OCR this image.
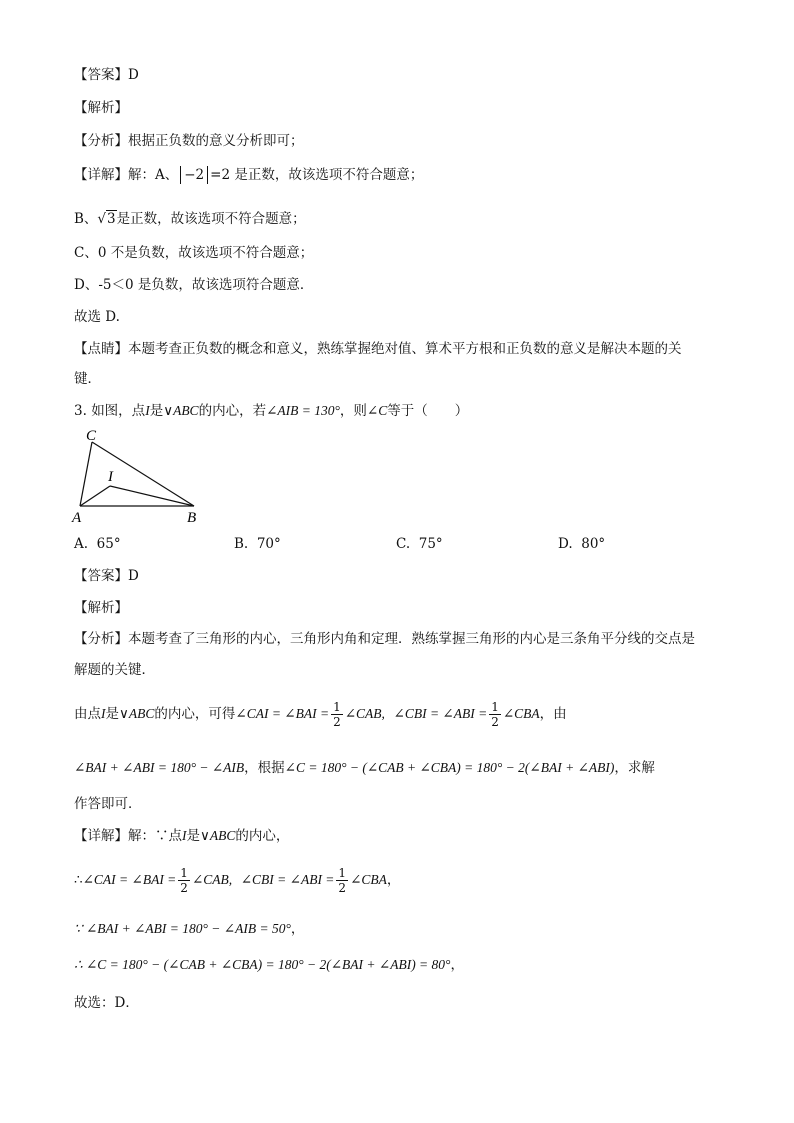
【答案】D
【解析】
【分析】根据正负数的意义分析即可；
【详解】解：A、 −2 =2 是正数，故该选项不符合题意；
B、√3是正数，故该选项不符合题意；
C、0 不是负数，故该选项不符合题意；
D、-5＜0 是负数，故该选项符合题意．
故选 D.
【点睛】本题考查正负数的概念和意义，熟练掌握绝对值、算术平方根和正负数的意义是解决本题的关
键．
3. 如图，点I是∨ABC的内心，若∠AIB = 130°，则∠C等于（　　）
C
I
A	B
A. 65°	B. 70°	C. 75°	D. 80°
【答案】D
【解析】
【分析】本题考查了三角形的内心，三角形内角和定理．熟练掌握三角形的内心是三条角平分线的交点是
解题的关键．
由点I是∨ABC的内心，可得∠CAI = ∠BAI = $\frac{1}{2}$ ∠CAB, ∠CBI = ∠ABI = $\frac{1}{2}$ ∠CBA，由
∠BAI + ∠ABI = 180° − ∠AIB，根据∠C = 180° − (∠CAB + ∠CBA) = 180° − 2(∠BAI + ∠ABI)，求解
作答即可．
【详解】解：∵点I是∨ABC的内心，
∴∠CAI = ∠BAI = $\frac{1}{2}$ ∠CAB, ∠CBI = ∠ABI = $\frac{1}{2}$ ∠CBA，
∵ ∠BAI + ∠ABI = 180° − ∠AIB = 50°，
∴ ∠C = 180° − (∠CAB + ∠CBA) = 180° − 2(∠BAI + ∠ABI) = 80°，
故选：D．
